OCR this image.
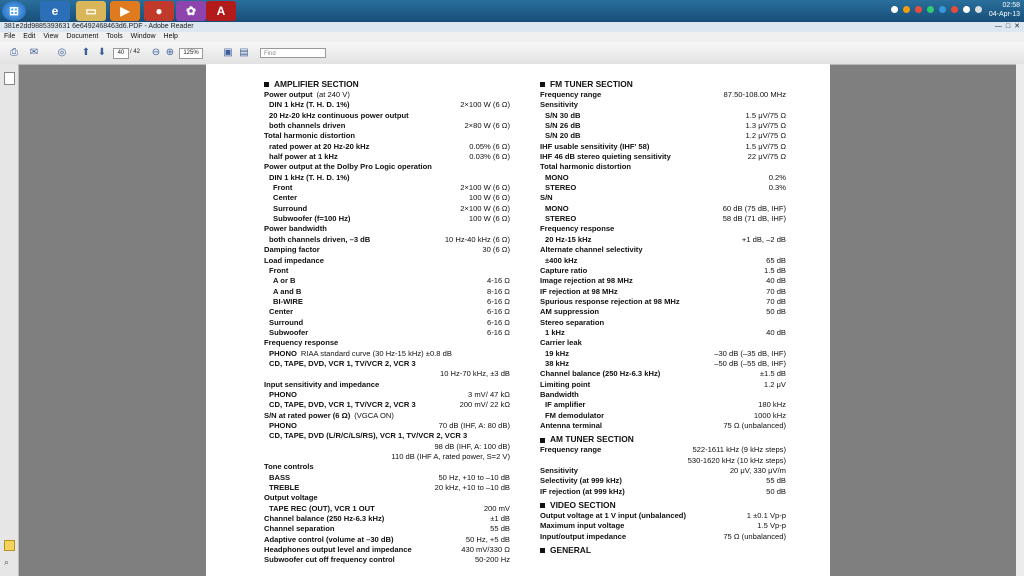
⊞	e	▭	▶	●	✿	A	02:58
04-Apr-13
381e2dd9885393631 6e6492468463d6.PDF - Adobe Reader	— □ ✕
File Edit View Document Tools Window Help
⎙ ✉ ◎ ⬆ ⬇	40 / 42 ⊖ ⊕	125%	▣ ▤	Find
⌕
AMPLIFIER SECTION
Power output (at 240 V)
DIN 1 kHz (T. H. D. 1%)	2×100 W (6 Ω)
20 Hz-20 kHz continuous power output
both channels driven	2×80 W (6 Ω)
Total harmonic distortion
rated power at 20 Hz-20 kHz	0.05% (6 Ω)
half power at 1 kHz	0.03% (6 Ω)
Power output at the Dolby Pro Logic operation
DIN 1 kHz (T. H. D. 1%)
Front	2×100 W (6 Ω)
Center	100 W (6 Ω)
Surround	2×100 W (6 Ω)
Subwoofer (f=100 Hz)	100 W (6 Ω)
Power bandwidth
both channels driven, –3 dB	10 Hz-40 kHz (6 Ω)
Damping factor	30 (6 Ω)
Load impedance
Front
A or B	4-16 Ω
A and B	8-16 Ω
BI-WIRE	6-16 Ω
Center	6-16 Ω
Surround	6-16 Ω
Subwoofer	6-16 Ω
Frequency response
PHONO RIAA standard curve (30 Hz-15 kHz) ±0.8 dB
CD, TAPE, DVD, VCR 1, TV/VCR 2, VCR 3
10 Hz-70 kHz, ±3 dB
Input sensitivity and impedance
PHONO	3 mV/ 47 kΩ
CD, TAPE, DVD, VCR 1, TV/VCR 2, VCR 3	200 mV/ 22 kΩ
S/N at rated power (6 Ω) (VGCA ON)
PHONO	70 dB (IHF, A: 80 dB)
CD, TAPE, DVD (L/R/C/LS/RS), VCR 1, TV/VCR 2, VCR 3
98 dB (IHF, A: 100 dB)
110 dB (IHF A, rated power, S=2 V)
Tone controls
BASS	50 Hz, +10 to –10 dB
TREBLE	20 kHz, +10 to –10 dB
Output voltage
TAPE REC (OUT), VCR 1 OUT	200 mV
Channel balance (250 Hz-6.3 kHz)	±1 dB
Channel separation	55 dB
Adaptive control (volume at –30 dB)	50 Hz, +5 dB
Headphones output level and impedance	430 mV/330 Ω
Subwoofer cut off frequency control	50-200 Hz
FM TUNER SECTION
Frequency range	87.50-108.00 MHz
Sensitivity
S/N 30 dB	1.5 μV/75 Ω
S/N 26 dB	1.3 μV/75 Ω
S/N 20 dB	1.2 μV/75 Ω
IHF usable sensitivity (IHF' 58)	1.5 μV/75 Ω
IHF 46 dB stereo quieting sensitivity	22 μV/75 Ω
Total harmonic distortion
MONO	0.2%
STEREO	0.3%
S/N
MONO	60 dB (75 dB, IHF)
STEREO	58 dB (71 dB, IHF)
Frequency response
20 Hz-15 kHz	+1 dB, –2 dB
Alternate channel selectivity
±400 kHz	65 dB
Capture ratio	1.5 dB
Image rejection at 98 MHz	40 dB
IF rejection at 98 MHz	70 dB
Spurious response rejection at 98 MHz	70 dB
AM suppression	50 dB
Stereo separation
1 kHz	40 dB
Carrier leak
19 kHz	–30 dB (–35 dB, IHF)
38 kHz	–50 dB (–55 dB, IHF)
Channel balance (250 Hz-6.3 kHz)	±1.5 dB
Limiting point	1.2 μV
Bandwidth
IF amplifier	180 kHz
FM demodulator	1000 kHz
Antenna terminal	75 Ω (unbalanced)
AM TUNER SECTION
Frequency range	522-1611 kHz (9 kHz steps)
530-1620 kHz (10 kHz steps)
Sensitivity	20 μV, 330 μV/m
Selectivity (at 999 kHz)	55 dB
IF rejection (at 999 kHz)	50 dB
VIDEO SECTION
Output voltage at 1 V input (unbalanced)	1 ±0.1 Vp-p
Maximum input voltage	1.5 Vp-p
Input/output impedance	75 Ω (unbalanced)
GENERAL
